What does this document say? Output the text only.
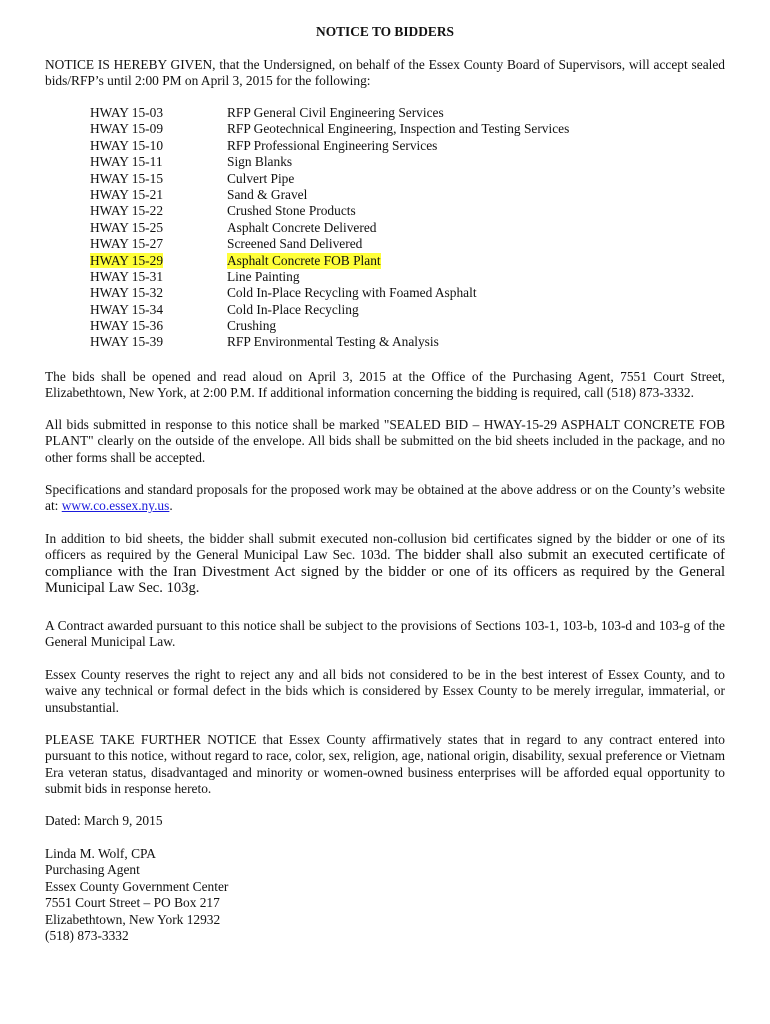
NOTICE TO BIDDERS

NOTICE IS HEREBY GIVEN, that the Undersigned, on behalf of the Essex County Board of Supervisors, will accept sealed bids/RFP’s until 2:00 PM on April 3, 2015 for the following:

HWAY 15-03	RFP General Civil Engineering Services
HWAY 15-09	RFP Geotechnical Engineering, Inspection and Testing Services
HWAY 15-10	RFP Professional Engineering Services
HWAY 15-11	Sign Blanks
HWAY 15-15	Culvert Pipe
HWAY 15-21	Sand & Gravel
HWAY 15-22	Crushed Stone Products
HWAY 15-25	Asphalt Concrete Delivered
HWAY 15-27	Screened Sand Delivered
HWAY 15-29	Asphalt Concrete FOB Plant
HWAY 15-31	Line Painting
HWAY 15-32	Cold In-Place Recycling with Foamed Asphalt
HWAY 15-34	Cold In-Place Recycling
HWAY 15-36	Crushing
HWAY 15-39	RFP Environmental Testing & Analysis

The bids shall be opened and read aloud on April 3, 2015 at the Office of the Purchasing Agent, 7551 Court Street, Elizabethtown, New York, at 2:00 P.M. If additional information concerning the bidding is required, call (518) 873-3332.

All bids submitted in response to this notice shall be marked "SEALED BID – HWAY-15-29 ASPHALT CONCRETE FOB PLANT" clearly on the outside of the envelope. All bids shall be submitted on the bid sheets included in the package, and no other forms shall be accepted.

Specifications and standard proposals for the proposed work may be obtained at the above address or on the County’s website at: www.co.essex.ny.us.

In addition to bid sheets, the bidder shall submit executed non-collusion bid certificates signed by the bidder or one of its officers as required by the General Municipal Law Sec. 103d. The bidder shall also submit an executed certificate of compliance with the Iran Divestment Act signed by the bidder or one of its officers as required by the General Municipal Law Sec. 103g.

A Contract awarded pursuant to this notice shall be subject to the provisions of Sections 103-1, 103-b, 103-d and 103-g of the General Municipal Law.

Essex County reserves the right to reject any and all bids not considered to be in the best interest of Essex County, and to waive any technical or formal defect in the bids which is considered by Essex County to be merely irregular, immaterial, or unsubstantial.

PLEASE TAKE FURTHER NOTICE that Essex County affirmatively states that in regard to any contract entered into pursuant to this notice, without regard to race, color, sex, religion, age, national origin, disability, sexual preference or Vietnam Era veteran status, disadvantaged and minority or women-owned business enterprises will be afforded equal opportunity to submit bids in response hereto.

Dated: March 9, 2015

Linda M. Wolf, CPA
Purchasing Agent
Essex County Government Center
7551 Court Street – PO Box 217
Elizabethtown, New York 12932
(518) 873-3332
